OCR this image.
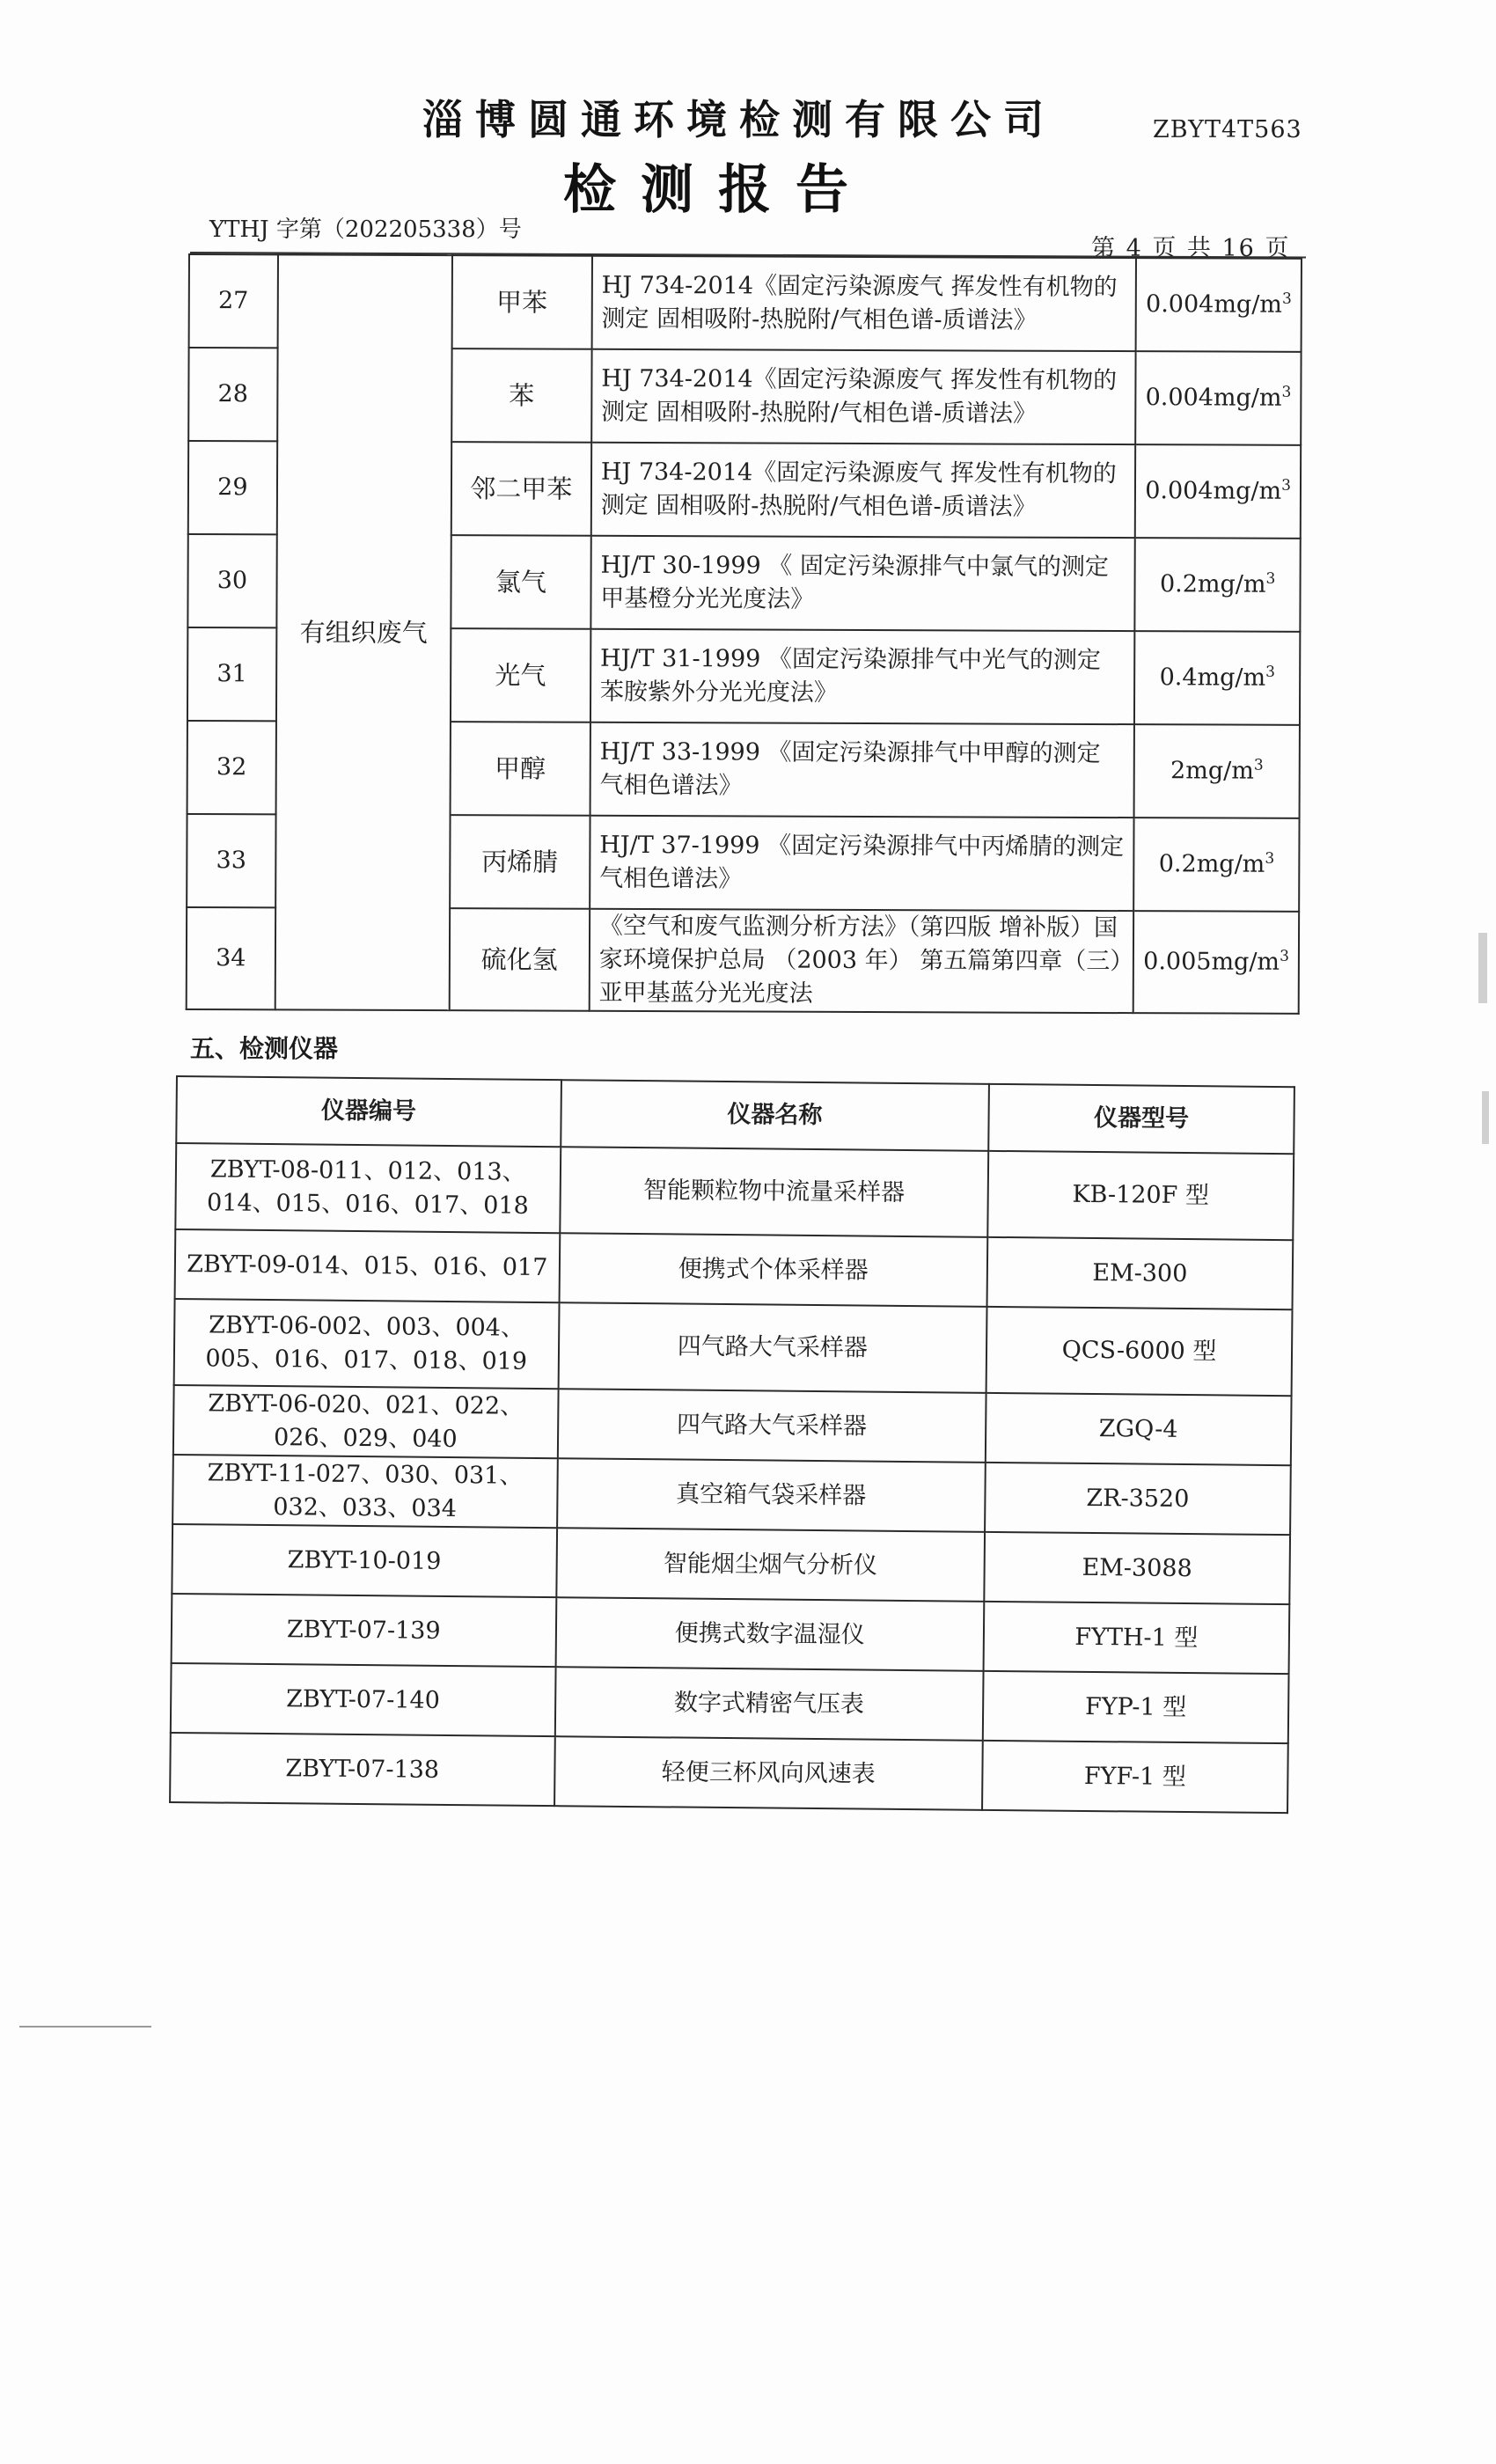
淄博圆通环境检测有限公司	ZBYT4T563
检测报告
YTHJ 字第（202205338）号
第 4 页 共 16 页
27	有组织废气	甲苯	HJ 734-2014《固定污染源废气 挥发性有机物的测定 固相吸附-热脱附/气相色谱-质谱法》	$0.004mg/m^3$
28		苯	HJ 734-2014《固定污染源废气 挥发性有机物的测定 固相吸附-热脱附/气相色谱-质谱法》	$0.004mg/m^3$
29		邻二甲苯	HJ 734-2014《固定污染源废气 挥发性有机物的测定 固相吸附-热脱附/气相色谱-质谱法》	$0.004mg/m^3$
30		氯气	HJ/T 30-1999 《 固定污染源排气中氯气的测定 甲基橙分光光度法》	$0.2mg/m^3$
31		光气	HJ/T 31-1999 《固定污染源排气中光气的测定 苯胺紫外分光光度法》	$0.4mg/m^3$
32		甲醇	HJ/T 33-1999 《固定污染源排气中甲醇的测定 气相色谱法》	$2mg/m^3$
33		丙烯腈	HJ/T 37-1999 《固定污染源排气中丙烯腈的测定 气相色谱法》	$0.2mg/m^3$
34		硫化氢	《空气和废气监测分析方法》（第四版 增补版）国家环境保护总局 （2003 年） 第五篇第四章（三）亚甲基蓝分光光度法	$0.005mg/m^3$
五、检测仪器
仪器编号	仪器名称	仪器型号
ZBYT-08-011、012、013、014、015、016、017、018	智能颗粒物中流量采样器	KB-120F 型
ZBYT-09-014、015、016、017	便携式个体采样器	EM-300
ZBYT-06-002、003、004、005、016、017、018、019	四气路大气采样器	QCS-6000 型
ZBYT-06-020、021、022、026、029、040	四气路大气采样器	ZGQ-4
ZBYT-11-027、030、031、032、033、034	真空箱气袋采样器	ZR-3520
ZBYT-10-019	智能烟尘烟气分析仪	EM-3088
ZBYT-07-139	便携式数字温湿仪	FYTH-1 型
ZBYT-07-140	数字式精密气压表	FYP-1 型
ZBYT-07-138	轻便三杯风向风速表	FYF-1 型
